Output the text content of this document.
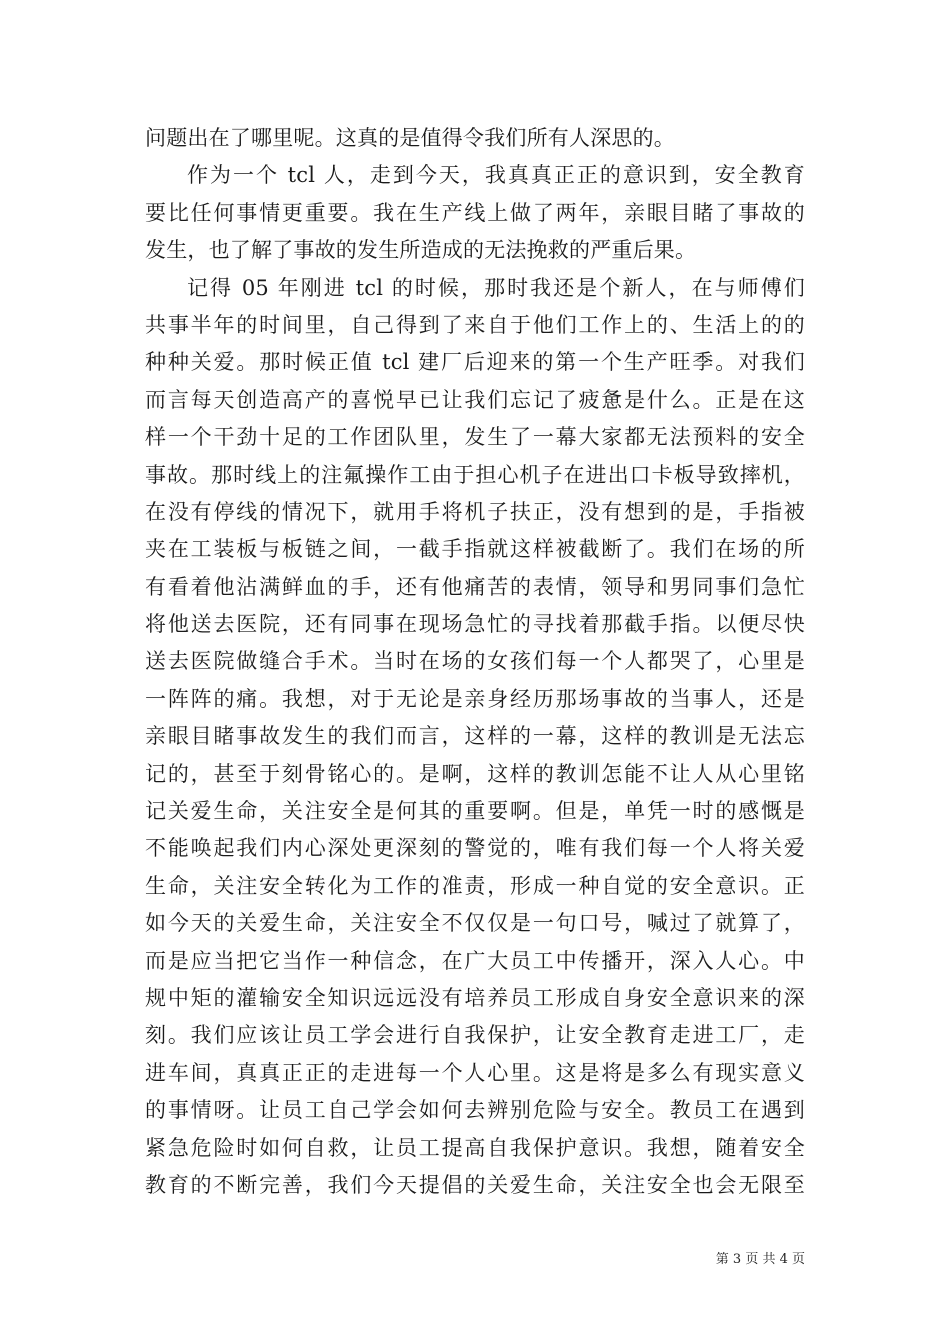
问题出在了哪里呢。这真的是值得令我们所有人深思的。
作为一个 tcl 人，走到今天，我真真正正的意识到，安全教育
要比任何事情更重要。我在生产线上做了两年，亲眼目睹了事故的
发生，也了解了事故的发生所造成的无法挽救的严重后果。
记得 05 年刚进 tcl 的时候，那时我还是个新人，在与师傅们
共事半年的时间里，自己得到了来自于他们工作上的、生活上的的
种种关爱。那时候正值 tcl 建厂后迎来的第一个生产旺季。对我们
而言每天创造高产的喜悦早已让我们忘记了疲惫是什么。正是在这
样一个干劲十足的工作团队里，发生了一幕大家都无法预料的安全
事故。那时线上的注氟操作工由于担心机子在进出口卡板导致摔机，
在没有停线的情况下，就用手将机子扶正，没有想到的是，手指被
夹在工装板与板链之间，一截手指就这样被截断了。我们在场的所
有看着他沾满鲜血的手，还有他痛苦的表情，领导和男同事们急忙
将他送去医院，还有同事在现场急忙的寻找着那截手指。以便尽快
送去医院做缝合手术。当时在场的女孩们每一个人都哭了，心里是
一阵阵的痛。我想，对于无论是亲身经历那场事故的当事人，还是
亲眼目睹事故发生的我们而言，这样的一幕，这样的教训是无法忘
记的，甚至于刻骨铭心的。是啊，这样的教训怎能不让人从心里铭
记关爱生命，关注安全是何其的重要啊。但是，单凭一时的感慨是
不能唤起我们内心深处更深刻的警觉的，唯有我们每一个人将关爱
生命，关注安全转化为工作的准责，形成一种自觉的安全意识。正
如今天的关爱生命，关注安全不仅仅是一句口号，喊过了就算了，
而是应当把它当作一种信念，在广大员工中传播开，深入人心。中
规中矩的灌输安全知识远远没有培养员工形成自身安全意识来的深
刻。我们应该让员工学会进行自我保护，让安全教育走进工厂，走
进车间，真真正正的走进每一个人心里。这是将是多么有现实意义
的事情呀。让员工自己学会如何去辨别危险与安全。教员工在遇到
紧急危险时如何自救，让员工提高自我保护意识。我想，随着安全
教育的不断完善，我们今天提倡的关爱生命，关注安全也会无限至
第 3 页 共 4 页
